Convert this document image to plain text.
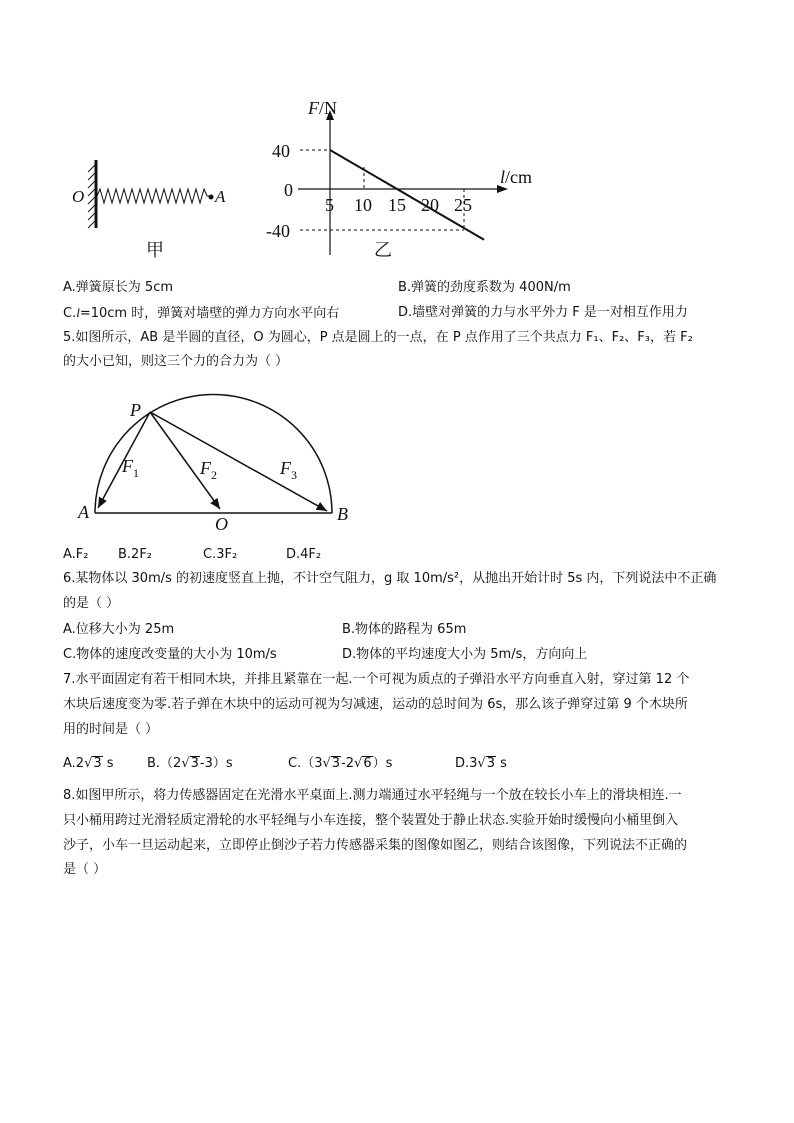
O	A
甲
F/N
l/cm
40
0
-40
5 10 15 20 25
乙
A.弹簧原长为 5cm	B.弹簧的劲度系数为 400N/m
C.l=10cm 时，弹簧对墙壁的弹力方向水平向右	D.墙壁对弹簧的力与水平外力 F 是一对相互作用力
5.如图所示，AB 是半圆的直径，O 为圆心，P 点是圆上的一点，在 P 点作用了三个共点力 F₁、F₂、F₃，若 F₂
的大小已知，则这三个力的合力为（ ）
P
A	B
O
$F_1$	$F_2$	$F_3$
A.F₂ B.2F₂	C.3F₂	D.4F₂
6.某物体以 30m/s 的初速度竖直上抛，不计空气阻力，g 取 10m/s²，从抛出开始计时 5s 内，下列说法中不正确
的是（ ）
A.位移大小为 25m	B.物体的路程为 65m
C.物体的速度改变量的大小为 10m/s	D.物体的平均速度大小为 5m/s，方向向上
7.水平面固定有若干相同木块，并排且紧靠在一起.一个可视为质点的子弹沿水平方向垂直入射，穿过第 12 个
木块后速度变为零.若子弹在木块中的运动可视为匀减速，运动的总时间为 6s，那么该子弹穿过第 9 个木块所
用的时间是（ ）
A.2√3 s	B.（2√3-3）s	C.（3√3-2√6）s	D.3√3 s
8.如图甲所示，将力传感器固定在光滑水平桌面上.测力端通过水平轻绳与一个放在较长小车上的滑块相连.一
只小桶用跨过光滑轻质定滑轮的水平轻绳与小车连接，整个装置处于静止状态.实验开始时缓慢向小桶里倒入
沙子，小车一旦运动起来，立即停止倒沙子若力传感器采集的图像如图乙，则结合该图像，下列说法不正确的
是（ ）
